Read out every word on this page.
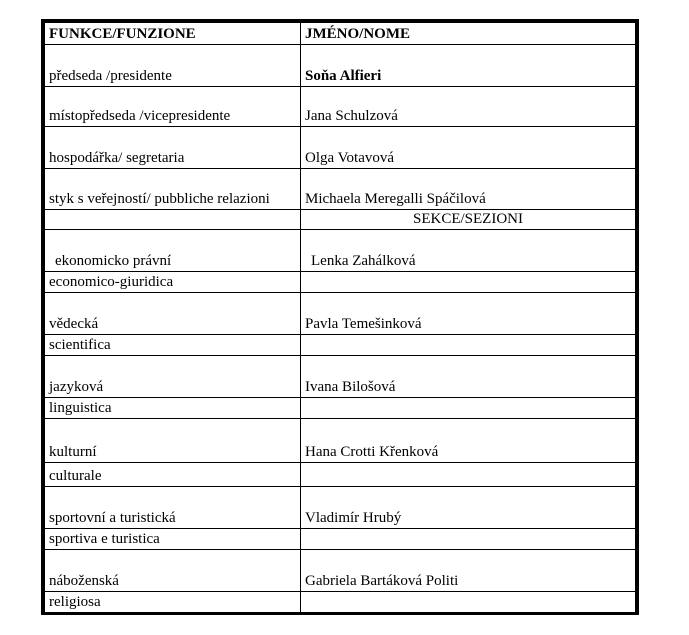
FUNKCE/FUNZIONE	JMÉNO/NOME
předseda /presidente	Soňa Alfieri
místopředseda /vicepresidente	Jana Schulzová
hospodářka/ segretaria	Olga Votavová
styk s veřejností/ pubbliche relazioni	Michaela Meregalli Spáčilová
	SEKCE/SEZIONI
ekonomicko právní	Lenka Zahálková
economico-giuridica	
vědecká	Pavla Temešinková
scientifica	
jazyková	Ivana Bilošová
linguistica	
kulturní	Hana Crotti Křenková
culturale	
sportovní a turistická	Vladimír Hrubý
sportiva e turistica	
náboženská	Gabriela Bartáková Politi
religiosa	
